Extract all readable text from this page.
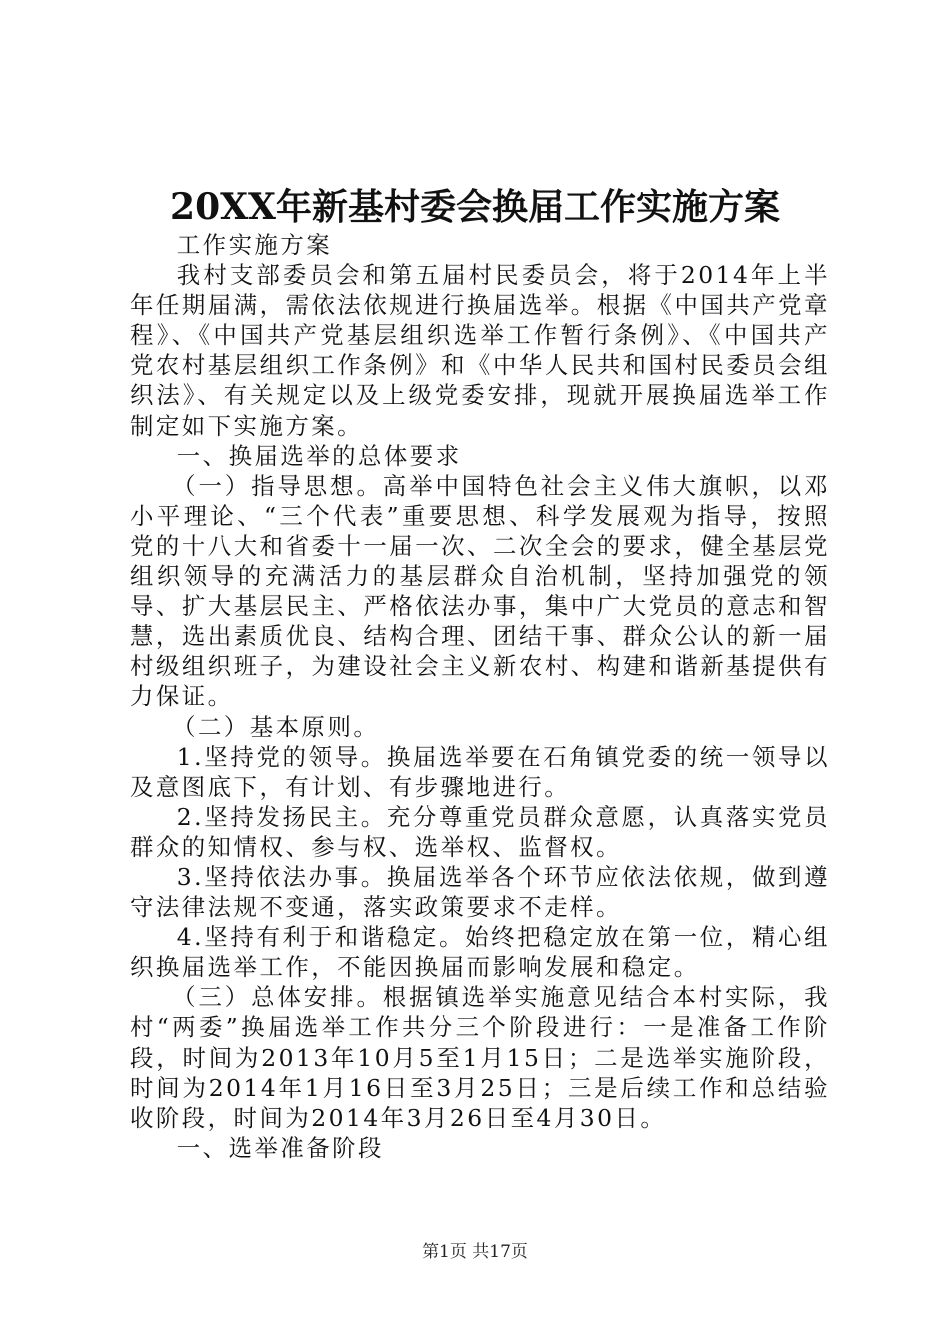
20XX年新基村委会换届工作实施方案

工作实施方案

我村支部委员会和第五届村民委员会，将于2014年上半年任期届满，需依法依规进行换届选举。根据《中国共产党章程》、《中国共产党基层组织选举工作暂行条例》、《中国共产党农村基层组织工作条例》和《中华人民共和国村民委员会组织法》、有关规定以及上级党委安排，现就开展换届选举工作制定如下实施方案。

一、换届选举的总体要求

（一）指导思想。高举中国特色社会主义伟大旗帜，以邓小平理论、“三个代表”重要思想、科学发展观为指导，按照党的十八大和省委十一届一次、二次全会的要求，健全基层党组织领导的充满活力的基层群众自治机制，坚持加强党的领导、扩大基层民主、严格依法办事，集中广大党员的意志和智慧，选出素质优良、结构合理、团结干事、群众公认的新一届村级组织班子，为建设社会主义新农村、构建和谐新基提供有力保证。

（二）基本原则。

1.坚持党的领导。换届选举要在石角镇党委的统一领导以及意图底下，有计划、有步骤地进行。

2.坚持发扬民主。充分尊重党员群众意愿，认真落实党员群众的知情权、参与权、选举权、监督权。

3.坚持依法办事。换届选举各个环节应依法依规，做到遵守法律法规不变通，落实政策要求不走样。

4.坚持有利于和谐稳定。始终把稳定放在第一位，精心组织换届选举工作，不能因换届而影响发展和稳定。

（三）总体安排。根据镇选举实施意见结合本村实际，我村“两委”换届选举工作共分三个阶段进行：一是准备工作阶段，时间为2013年10月5至1月15日；二是选举实施阶段，时间为2014年1月16日至3月25日；三是后续工作和总结验收阶段，时间为2014年3月26日至4月30日。

一、选举准备阶段

第1页 共17页
